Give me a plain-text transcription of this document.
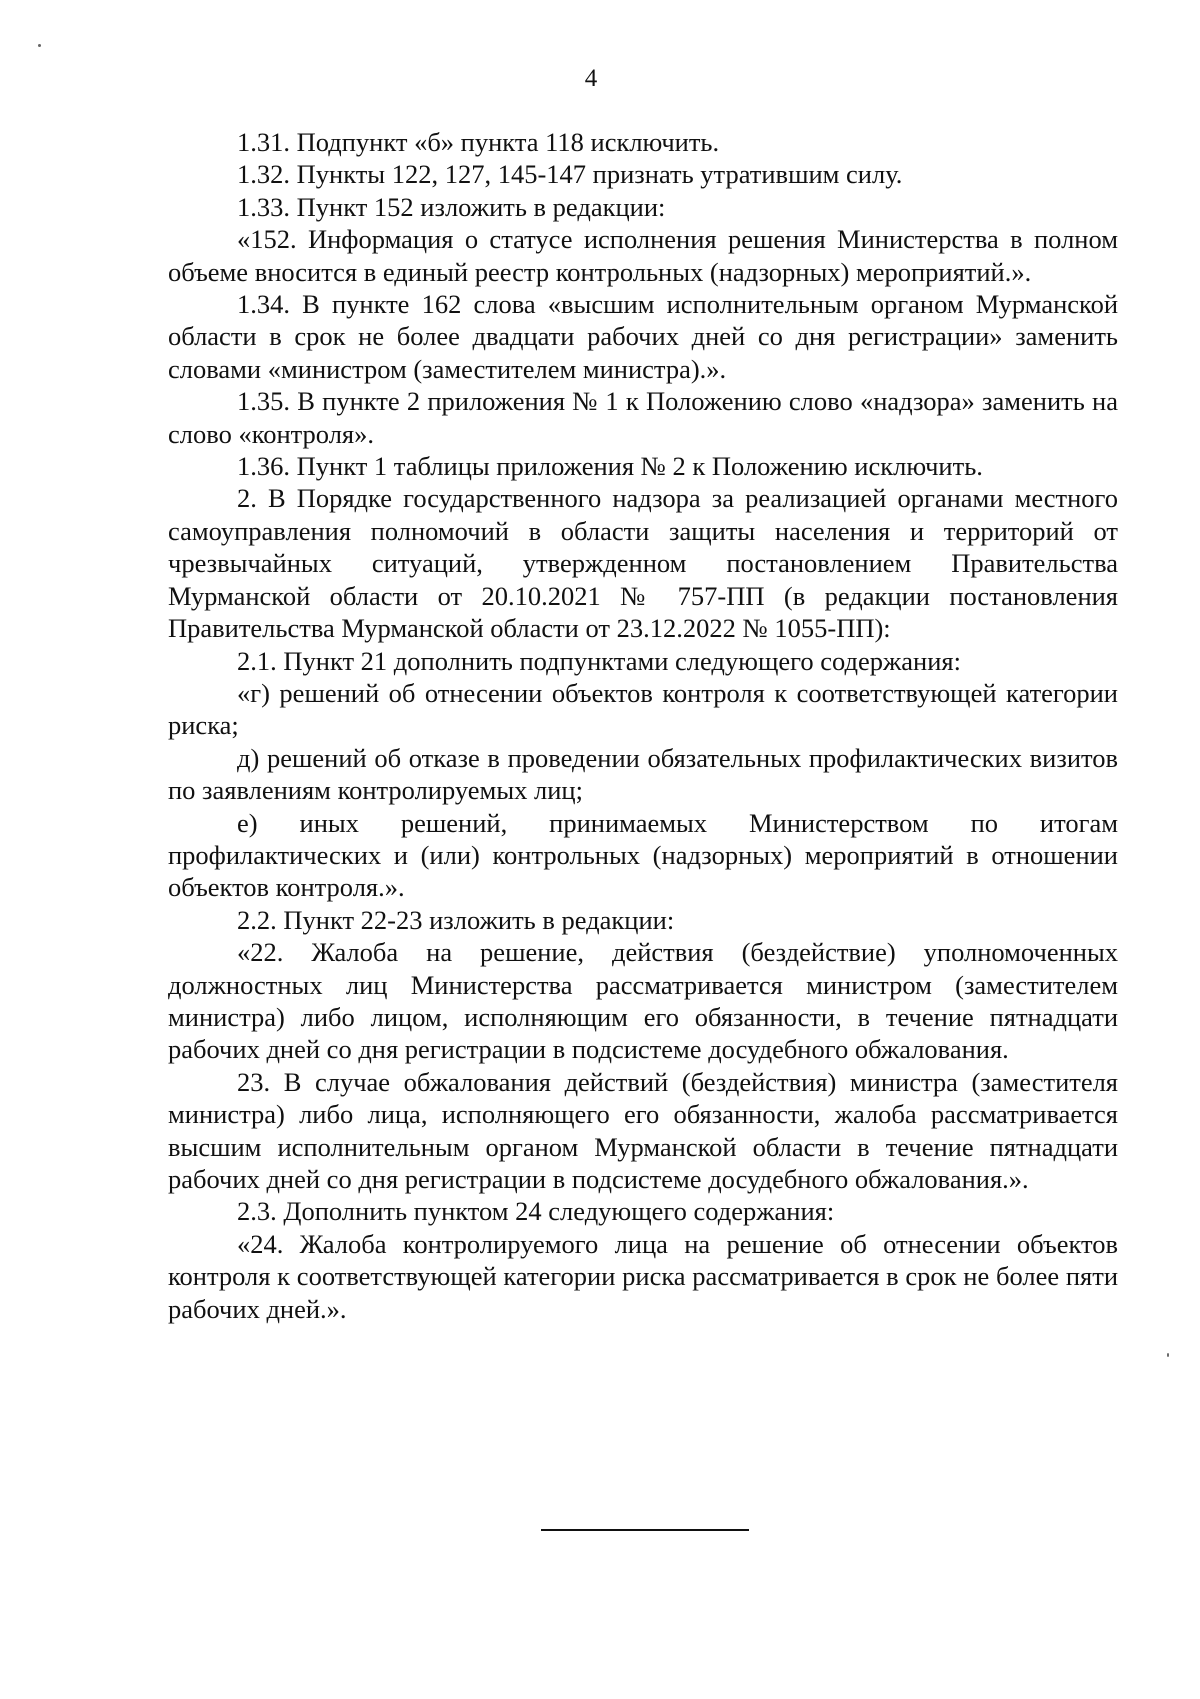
4

1.31. Подпункт «б» пункта 118 исключить.

1.32. Пункты 122, 127, 145-147 признать утратившим силу.

1.33. Пункт 152 изложить в редакции:

«152. Информация о статусе исполнения решения Министерства в полном объеме вносится в единый реестр контрольных (надзорных) мероприятий.».

1.34. В пункте 162 слова «высшим исполнительным органом Мурманской области в срок не более двадцати рабочих дней со дня регистрации» заменить словами «министром (заместителем министра).».

1.35. В пункте 2 приложения № 1 к Положению слово «надзора» заменить на слово «контроля».

1.36. Пункт 1 таблицы приложения № 2 к Положению исключить.

2. В Порядке государственного надзора за реализацией органами местного самоуправления полномочий в области защиты населения и территорий от чрезвычайных ситуаций, утвержденном постановлением Правительства Мурманской области от 20.10.2021 № 757-ПП (в редакции постановления Правительства Мурманской области от 23.12.2022 № 1055-ПП):

2.1. Пункт 21 дополнить подпунктами следующего содержания:

«г) решений об отнесении объектов контроля к соответствующей категории риска;

д) решений об отказе в проведении обязательных профилактических визитов по заявлениям контролируемых лиц;

е) иных решений, принимаемых Министерством по итогам профилактических и (или) контрольных (надзорных) мероприятий в отношении объектов контроля.».

2.2. Пункт 22-23 изложить в редакции:

«22. Жалоба на решение, действия (бездействие) уполномоченных должностных лиц Министерства рассматривается министром (заместителем министра) либо лицом, исполняющим его обязанности, в течение пятнадцати рабочих дней со дня регистрации в подсистеме досудебного обжалования.

23. В случае обжалования действий (бездействия) министра (заместителя министра) либо лица, исполняющего его обязанности, жалоба рассматривается высшим исполнительным органом Мурманской области в течение пятнадцати рабочих дней со дня регистрации в подсистеме досудебного обжалования.».

2.3. Дополнить пунктом 24 следующего содержания:

«24. Жалоба контролируемого лица на решение об отнесении объектов контроля к соответствующей категории риска рассматривается в срок не более пяти рабочих дней.».
